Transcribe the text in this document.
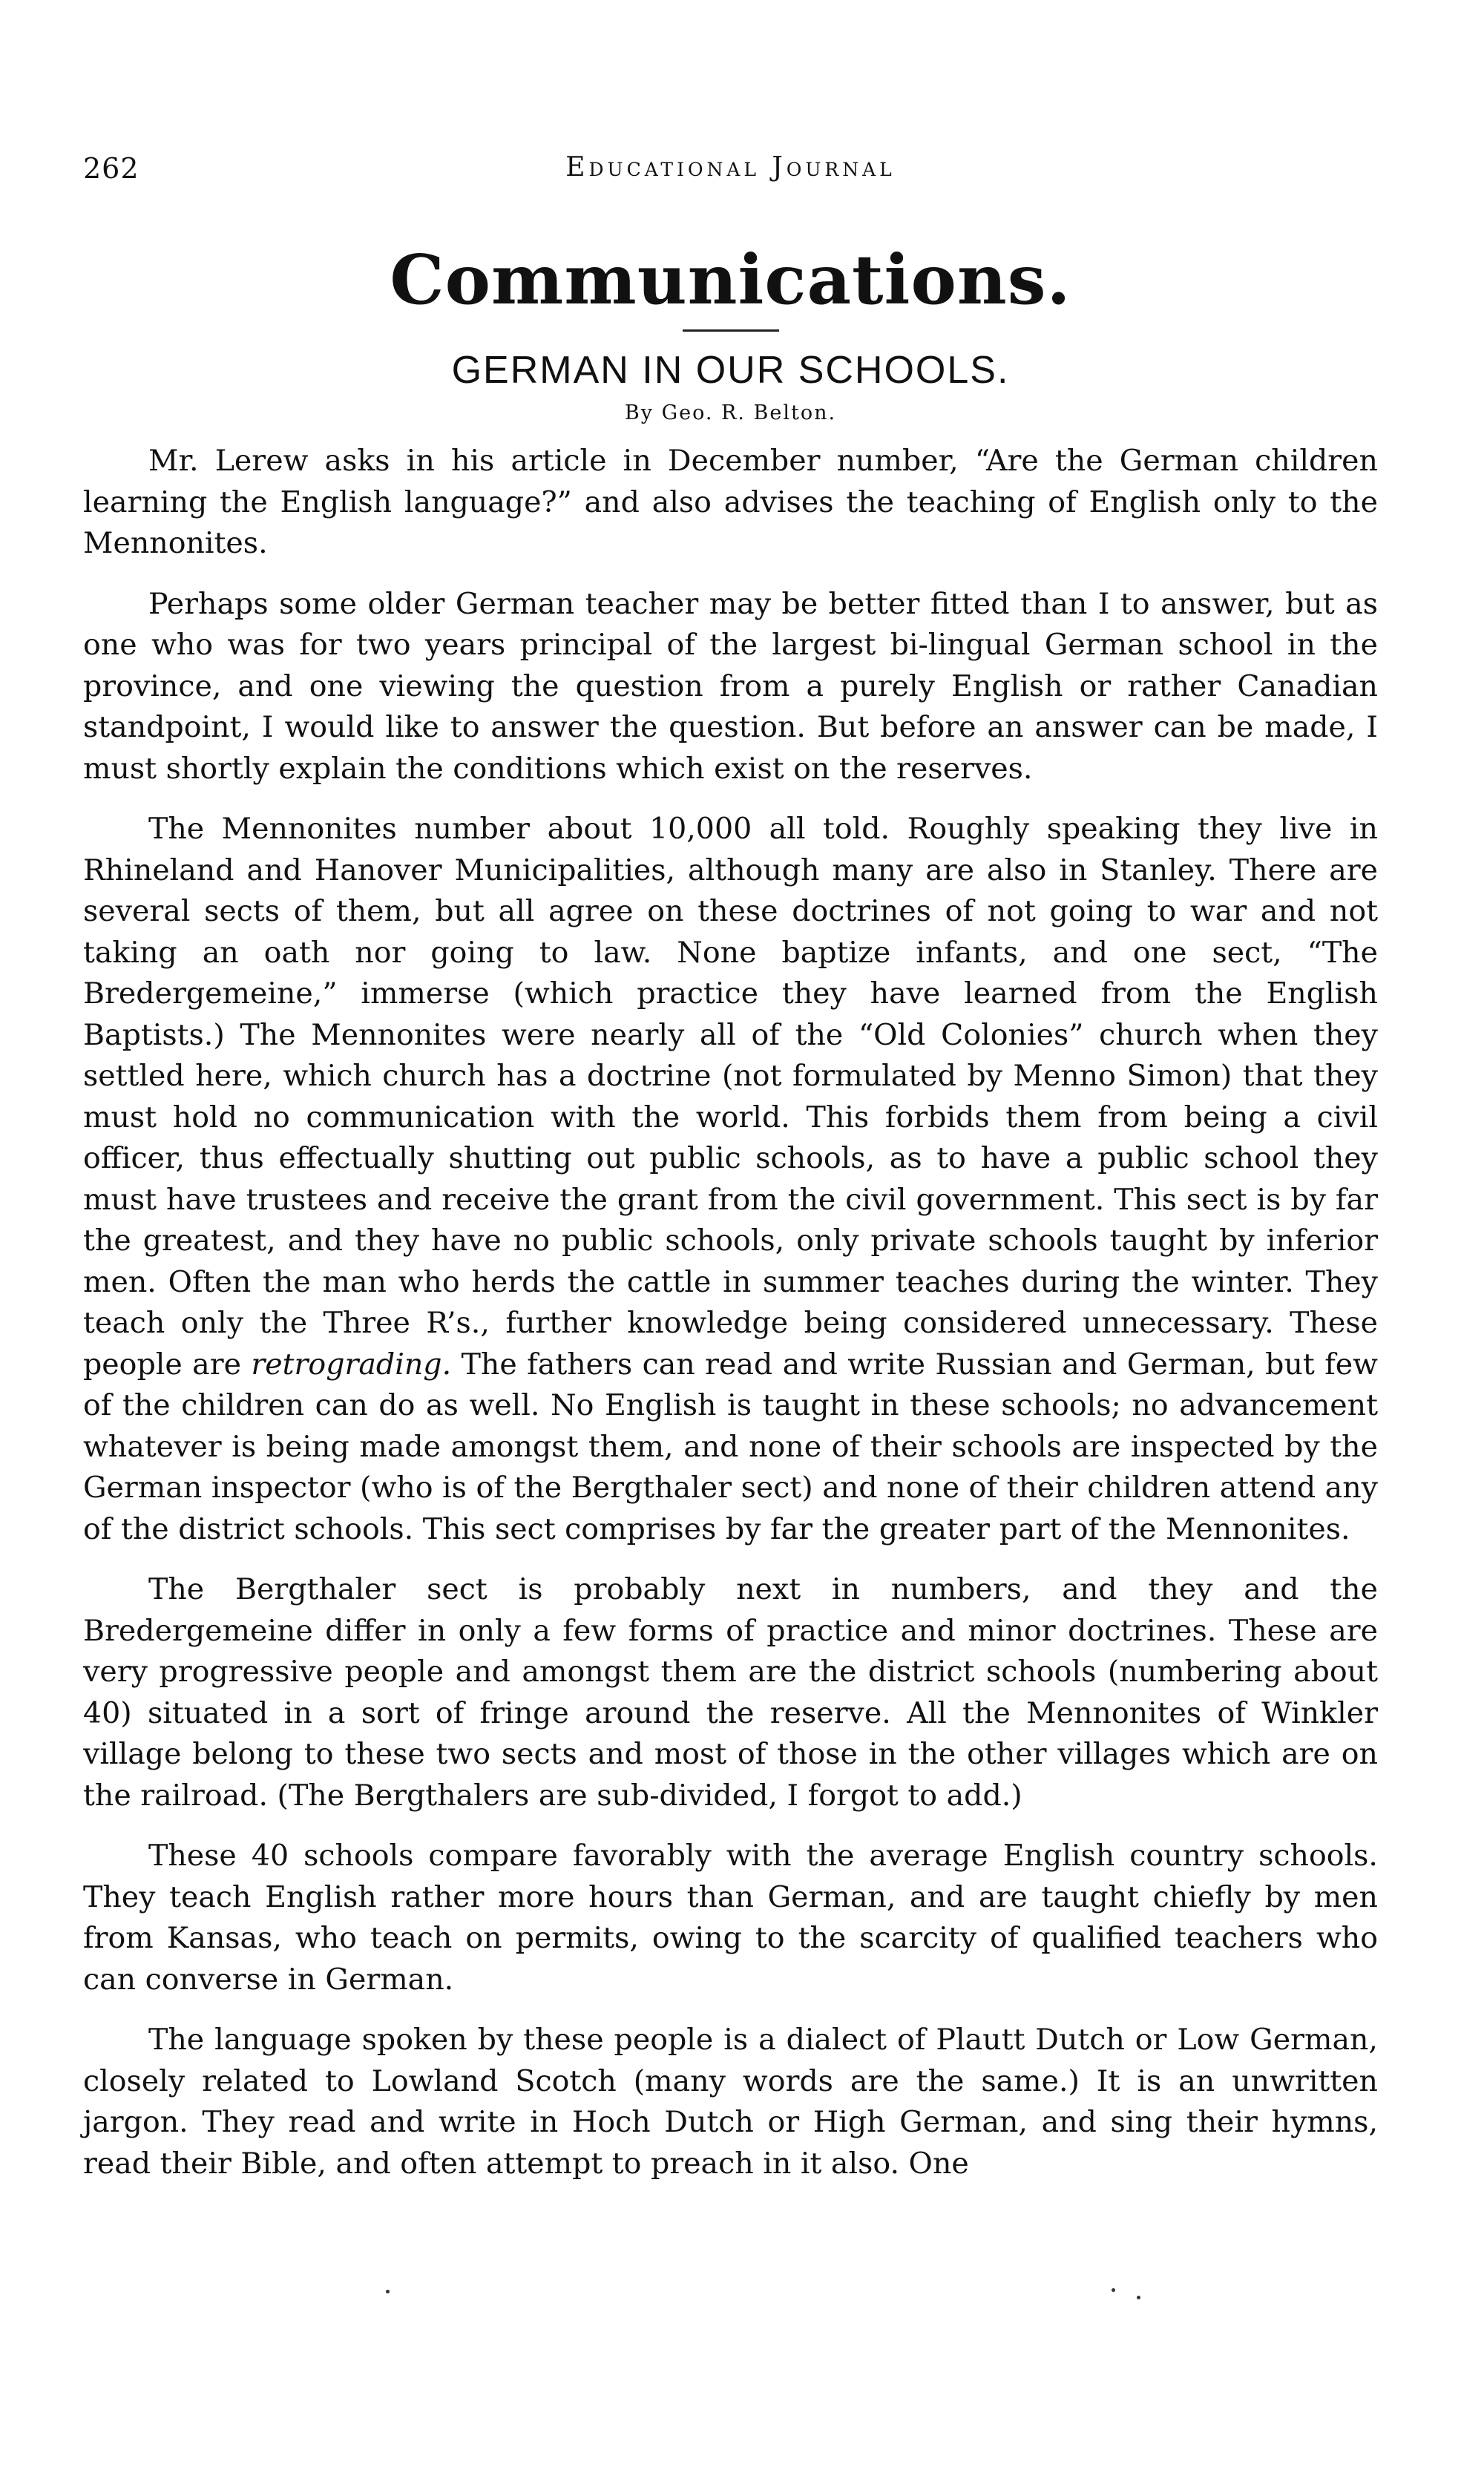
262	Educational Journal
Communications.
GERMAN IN OUR SCHOOLS.
By Geo. R. Belton.

Mr. Lerew asks in his article in December number, “Are the German children learning the English language?” and also advises the teaching of English only to the Mennonites.

Perhaps some older German teacher may be better fitted than I to answer, but as one who was for two years principal of the largest bi-lingual German school in the province, and one viewing the question from a purely English or rather Canadian standpoint, I would like to answer the question. But before an answer can be made, I must shortly explain the conditions which exist on the reserves.

The Mennonites number about 10,000 all told. Roughly speaking they live in Rhineland and Hanover Municipalities, although many are also in Stanley. There are several sects of them, but all agree on these doctrines of not going to war and not taking an oath nor going to law. None baptize infants, and one sect, “The Bredergemeine,” immerse (which practice they have learned from the English Baptists.) The Mennonites were nearly all of the “Old Colonies” church when they settled here, which church has a doctrine (not formulated by Menno Simon) that they must hold no communication with the world. This forbids them from being a civil officer, thus effectually shutting out public schools, as to have a public school they must have trustees and receive the grant from the civil government. This sect is by far the greatest, and they have no public schools, only private schools taught by inferior men. Often the man who herds the cattle in summer teaches during the winter. They teach only the Three R’s., further knowledge being considered unnecessary. These people are retrograding. The fathers can read and write Russian and German, but few of the children can do as well. No English is taught in these schools; no advancement whatever is being made amongst them, and none of their schools are inspected by the German inspector (who is of the Bergthaler sect) and none of their children attend any of the district schools. This sect comprises by far the greater part of the Mennonites.

The Bergthaler sect is probably next in numbers, and they and the Bredergemeine differ in only a few forms of practice and minor doctrines. These are very progressive people and amongst them are the district schools (numbering about 40) situated in a sort of fringe around the reserve. All the Mennonites of Winkler village belong to these two sects and most of those in the other villages which are on the railroad. (The Bergthalers are sub-divided, I forgot to add.)

These 40 schools compare favorably with the average English country schools. They teach English rather more hours than German, and are taught chiefly by men from Kansas, who teach on permits, owing to the scarcity of qualified teachers who can converse in German.

The language spoken by these people is a dialect of Plautt Dutch or Low German, closely related to Lowland Scotch (many words are the same.) It is an unwritten jargon. They read and write in Hoch Dutch or High German, and sing their hymns, read their Bible, and often attempt to preach in it also. One
